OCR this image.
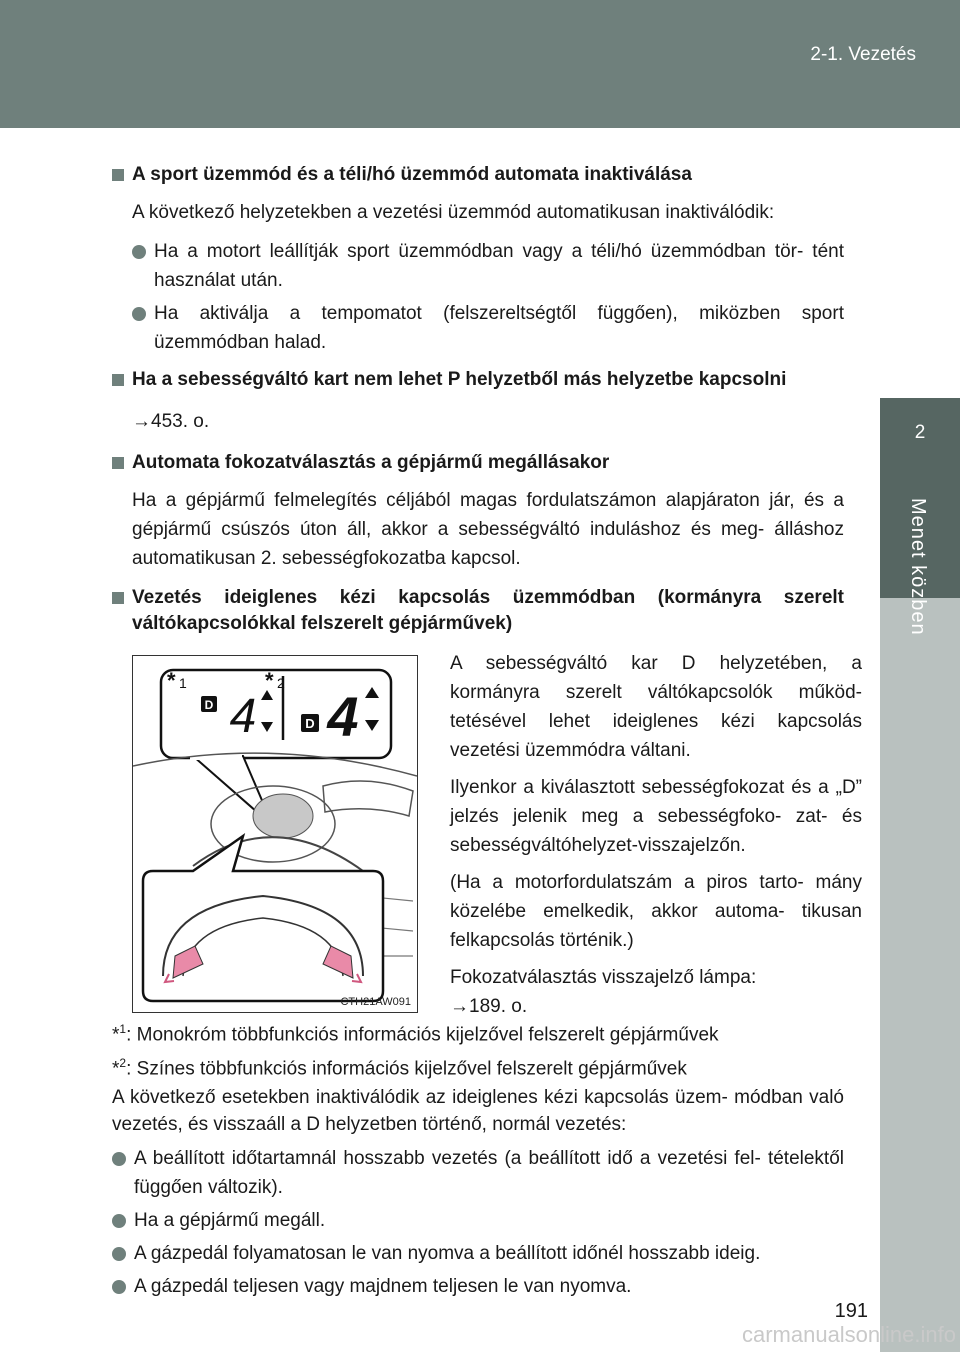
2-1. Vezetés
2
Menet közben
A sport üzemmód és a téli/hó üzemmód automata inaktiválása
A következő helyzetekben a vezetési üzemmód automatikusan inaktiválódik:
Ha a motort leállítják sport üzemmódban vagy a téli/hó üzemmódban tör- tént használat után.
Ha aktiválja a tempomatot (felszereltségtől függően), miközben sport üzemmódban halad.
Ha a sebességváltó kart nem lehet P helyzetből más helyzetbe kapcsolni
→453. o.
Automata fokozatválasztás a gépjármű megállásakor
Ha a gépjármű felmelegítés céljából magas fordulatszámon alapjáraton jár, és a gépjármű csúszós úton áll, akkor a sebességváltó induláshoz és meg- álláshoz automatikusan 2. sebességfokozatba kapcsol.
Vezetés ideiglenes kézi kapcsolás üzemmódban (kormányra szerelt váltókapcsolókkal felszerelt gépjárművek)
D
D
4 4
* 1	* 2
CTH21AW091
A sebességváltó kar D helyzetében, a kormányra szerelt váltókapcsolók működ- tetésével lehet ideiglenes kézi kapcsolás vezetési üzemmódra váltani.
Ilyenkor a kiválasztott sebességfokozat és a „D” jelzés jelenik meg a sebességfoko- zat- és sebességváltóhelyzet-visszajelzőn.
(Ha a motorfordulatszám a piros tarto- mány közelébe emelkedik, akkor automa- tikusan felkapcsolás történik.)
Fokozatválasztás visszajelző lámpa:
→189. o.

*$^1$: Monokróm többfunkciós információs kijelzővel felszerelt gépjárművek

*$^2$: Színes többfunkciós információs kijelzővel felszerelt gépjárművek

A következő esetekben inaktiválódik az ideiglenes kézi kapcsolás üzem- módban való vezetés, és visszaáll a D helyzetben történő, normál vezetés:
A beállított időtartamnál hosszabb vezetés (a beállított idő a vezetési fel- tételektől függően változik).
Ha a gépjármű megáll.
A gázpedál folyamatosan le van nyomva a beállított időnél hosszabb ideig.
A gázpedál teljesen vagy majdnem teljesen le van nyomva.
191
carmanualsonline.info
